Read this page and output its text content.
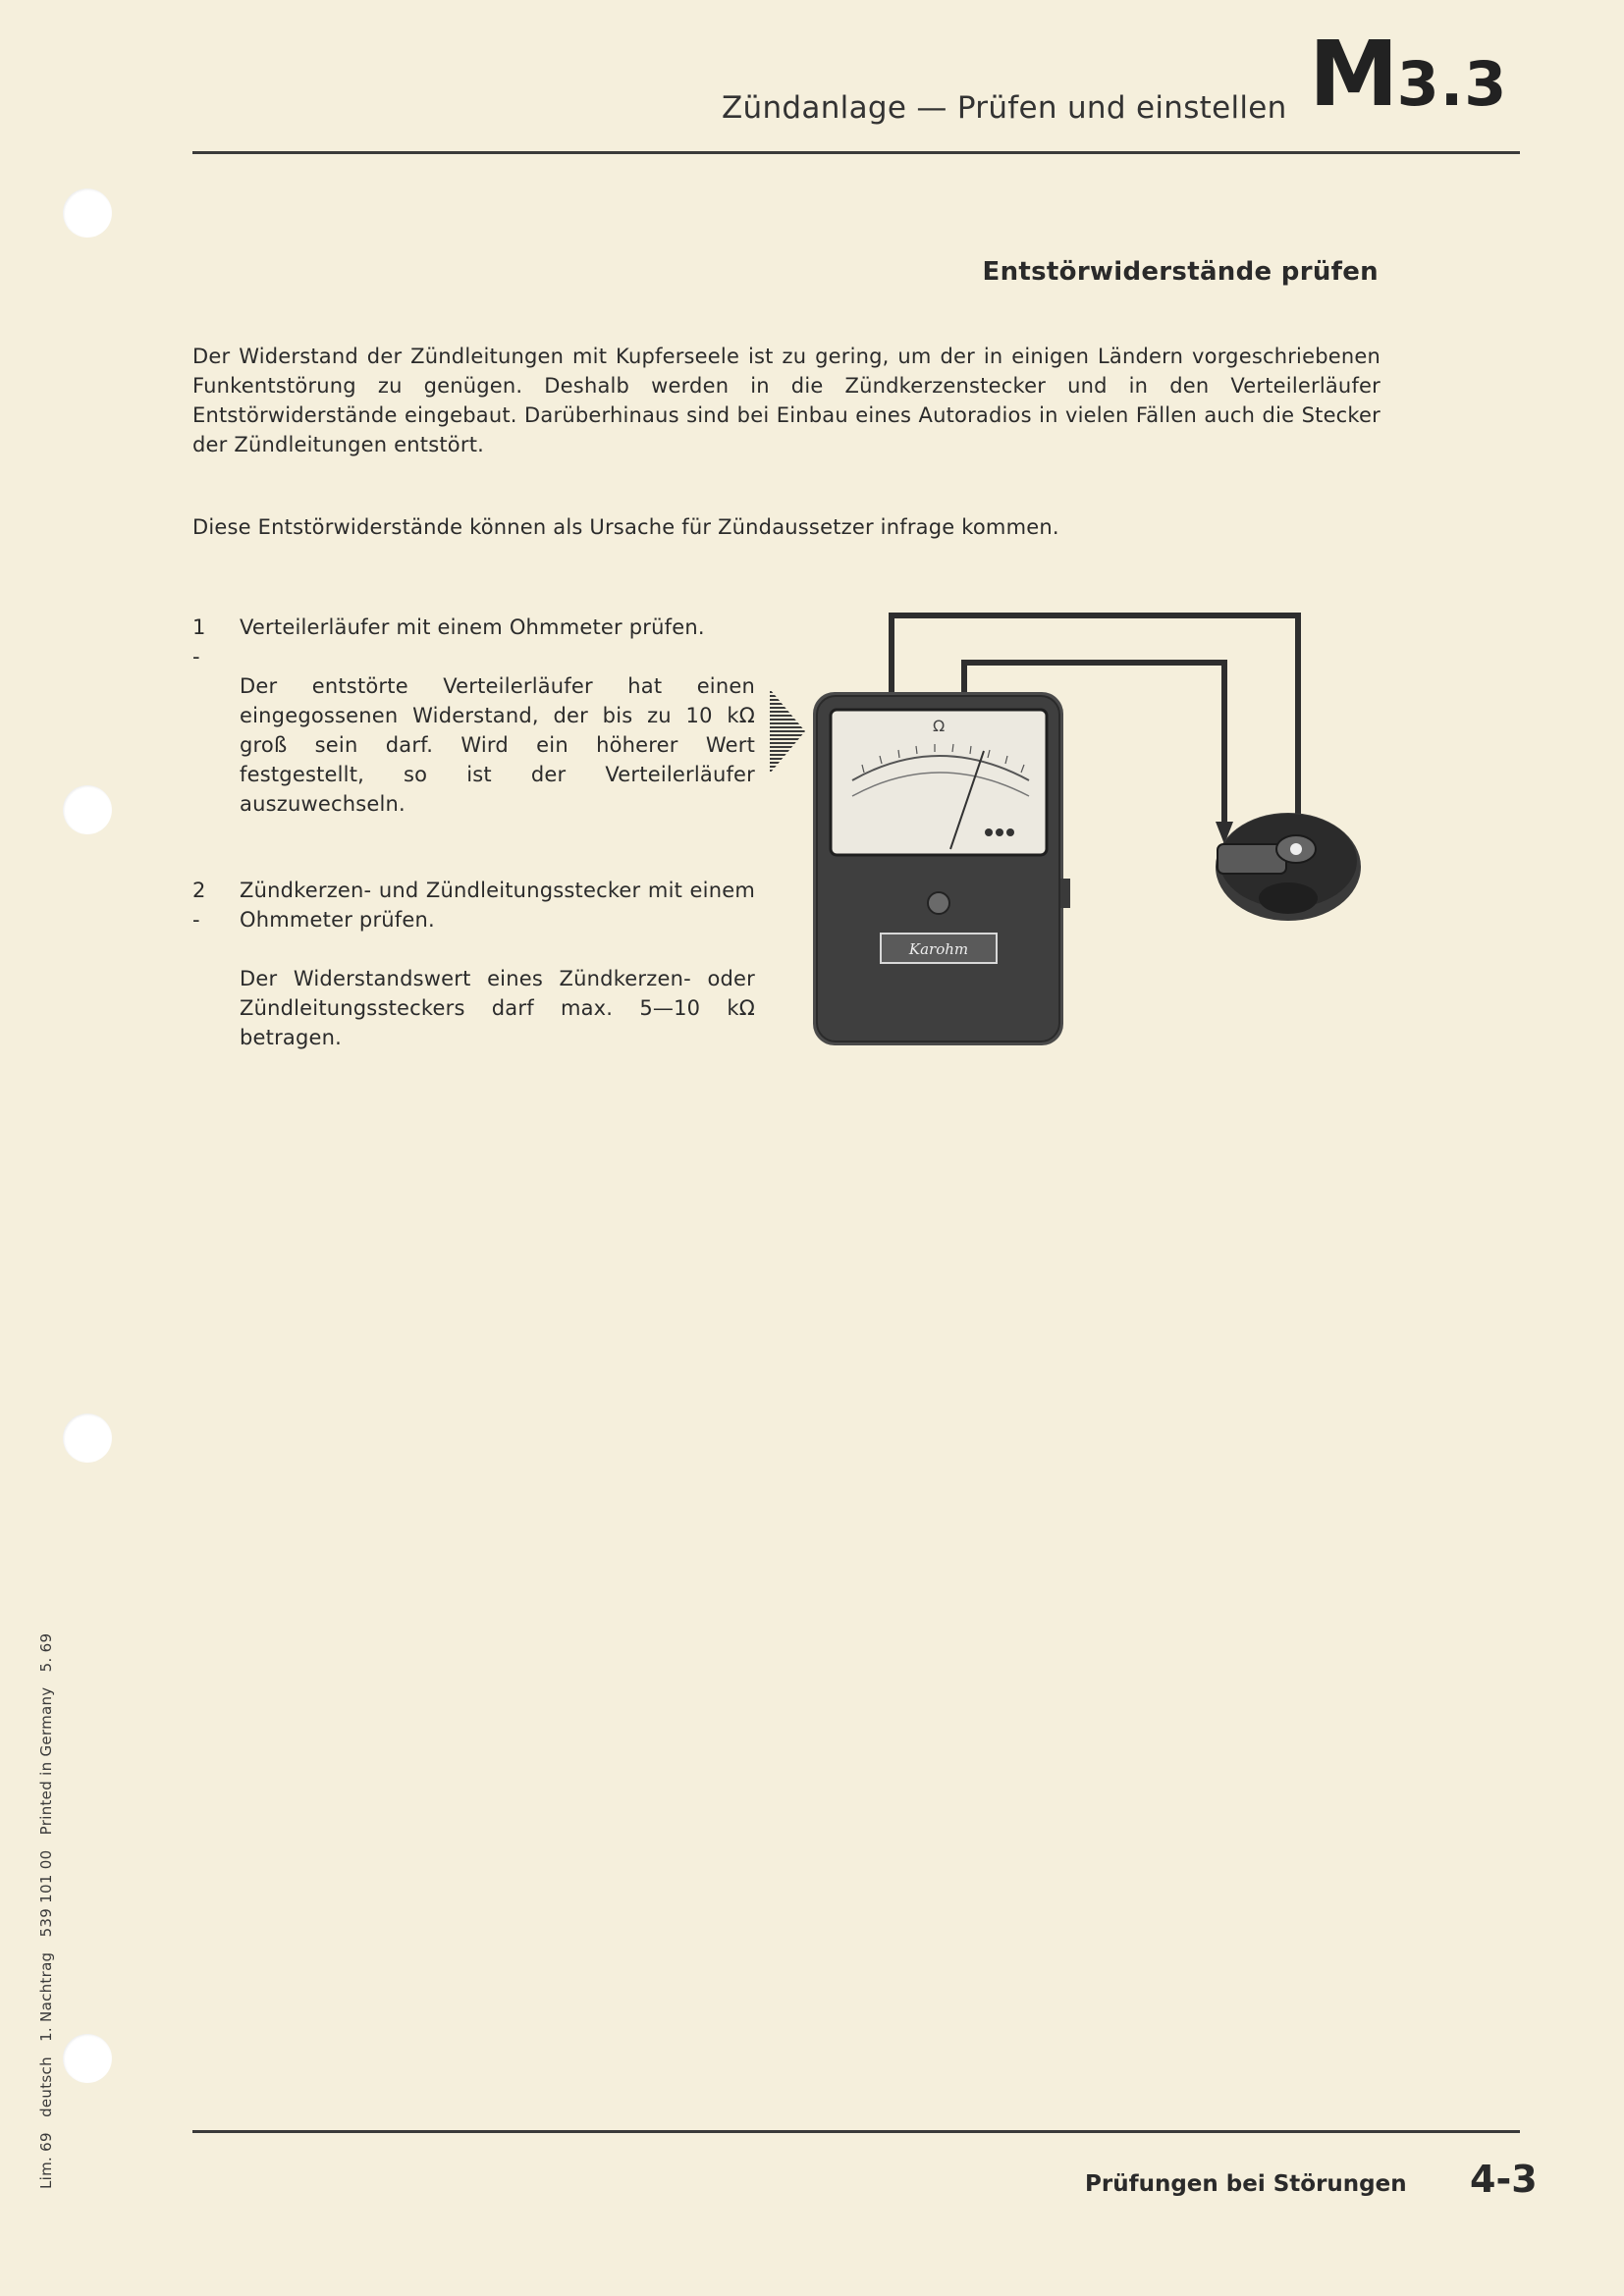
Zündanlage — Prüfen und einstellen M3.3
Entstörwiderstände prüfen
Der Widerstand der Zündleitungen mit Kupferseele ist zu gering, um der in einigen Ländern vorgeschriebenen Funkentstörung zu genügen. Deshalb werden in die Zündkerzenstecker und in den Verteilerläufer Entstörwiderstände eingebaut. Darüberhinaus sind bei Einbau eines Autoradios in vielen Fällen auch die Stecker der Zündleitungen entstört.
Diese Entstörwiderstände können als Ursache für Zündaussetzer infrage kommen.
1 -
Verteilerläufer mit einem Ohmmeter prüfen.
Der entstörte Verteilerläufer hat einen eingegossenen Widerstand, der bis zu 10 kΩ groß sein darf. Wird ein höherer Wert festgestellt, so ist der Verteilerläufer auszuwechseln.
2 -
Zündkerzen- und Zündleitungsstecker mit einem Ohmmeter prüfen.
Der Widerstandswert eines Zündkerzen- oder Zündleitungssteckers darf max. 5—10 kΩ betragen.
Ω
Karohm
Prüfungen bei Störungen 4-3
Lim. 69   deutsch   1. Nachtrag   539 101 00   Printed in Germany   5. 69
